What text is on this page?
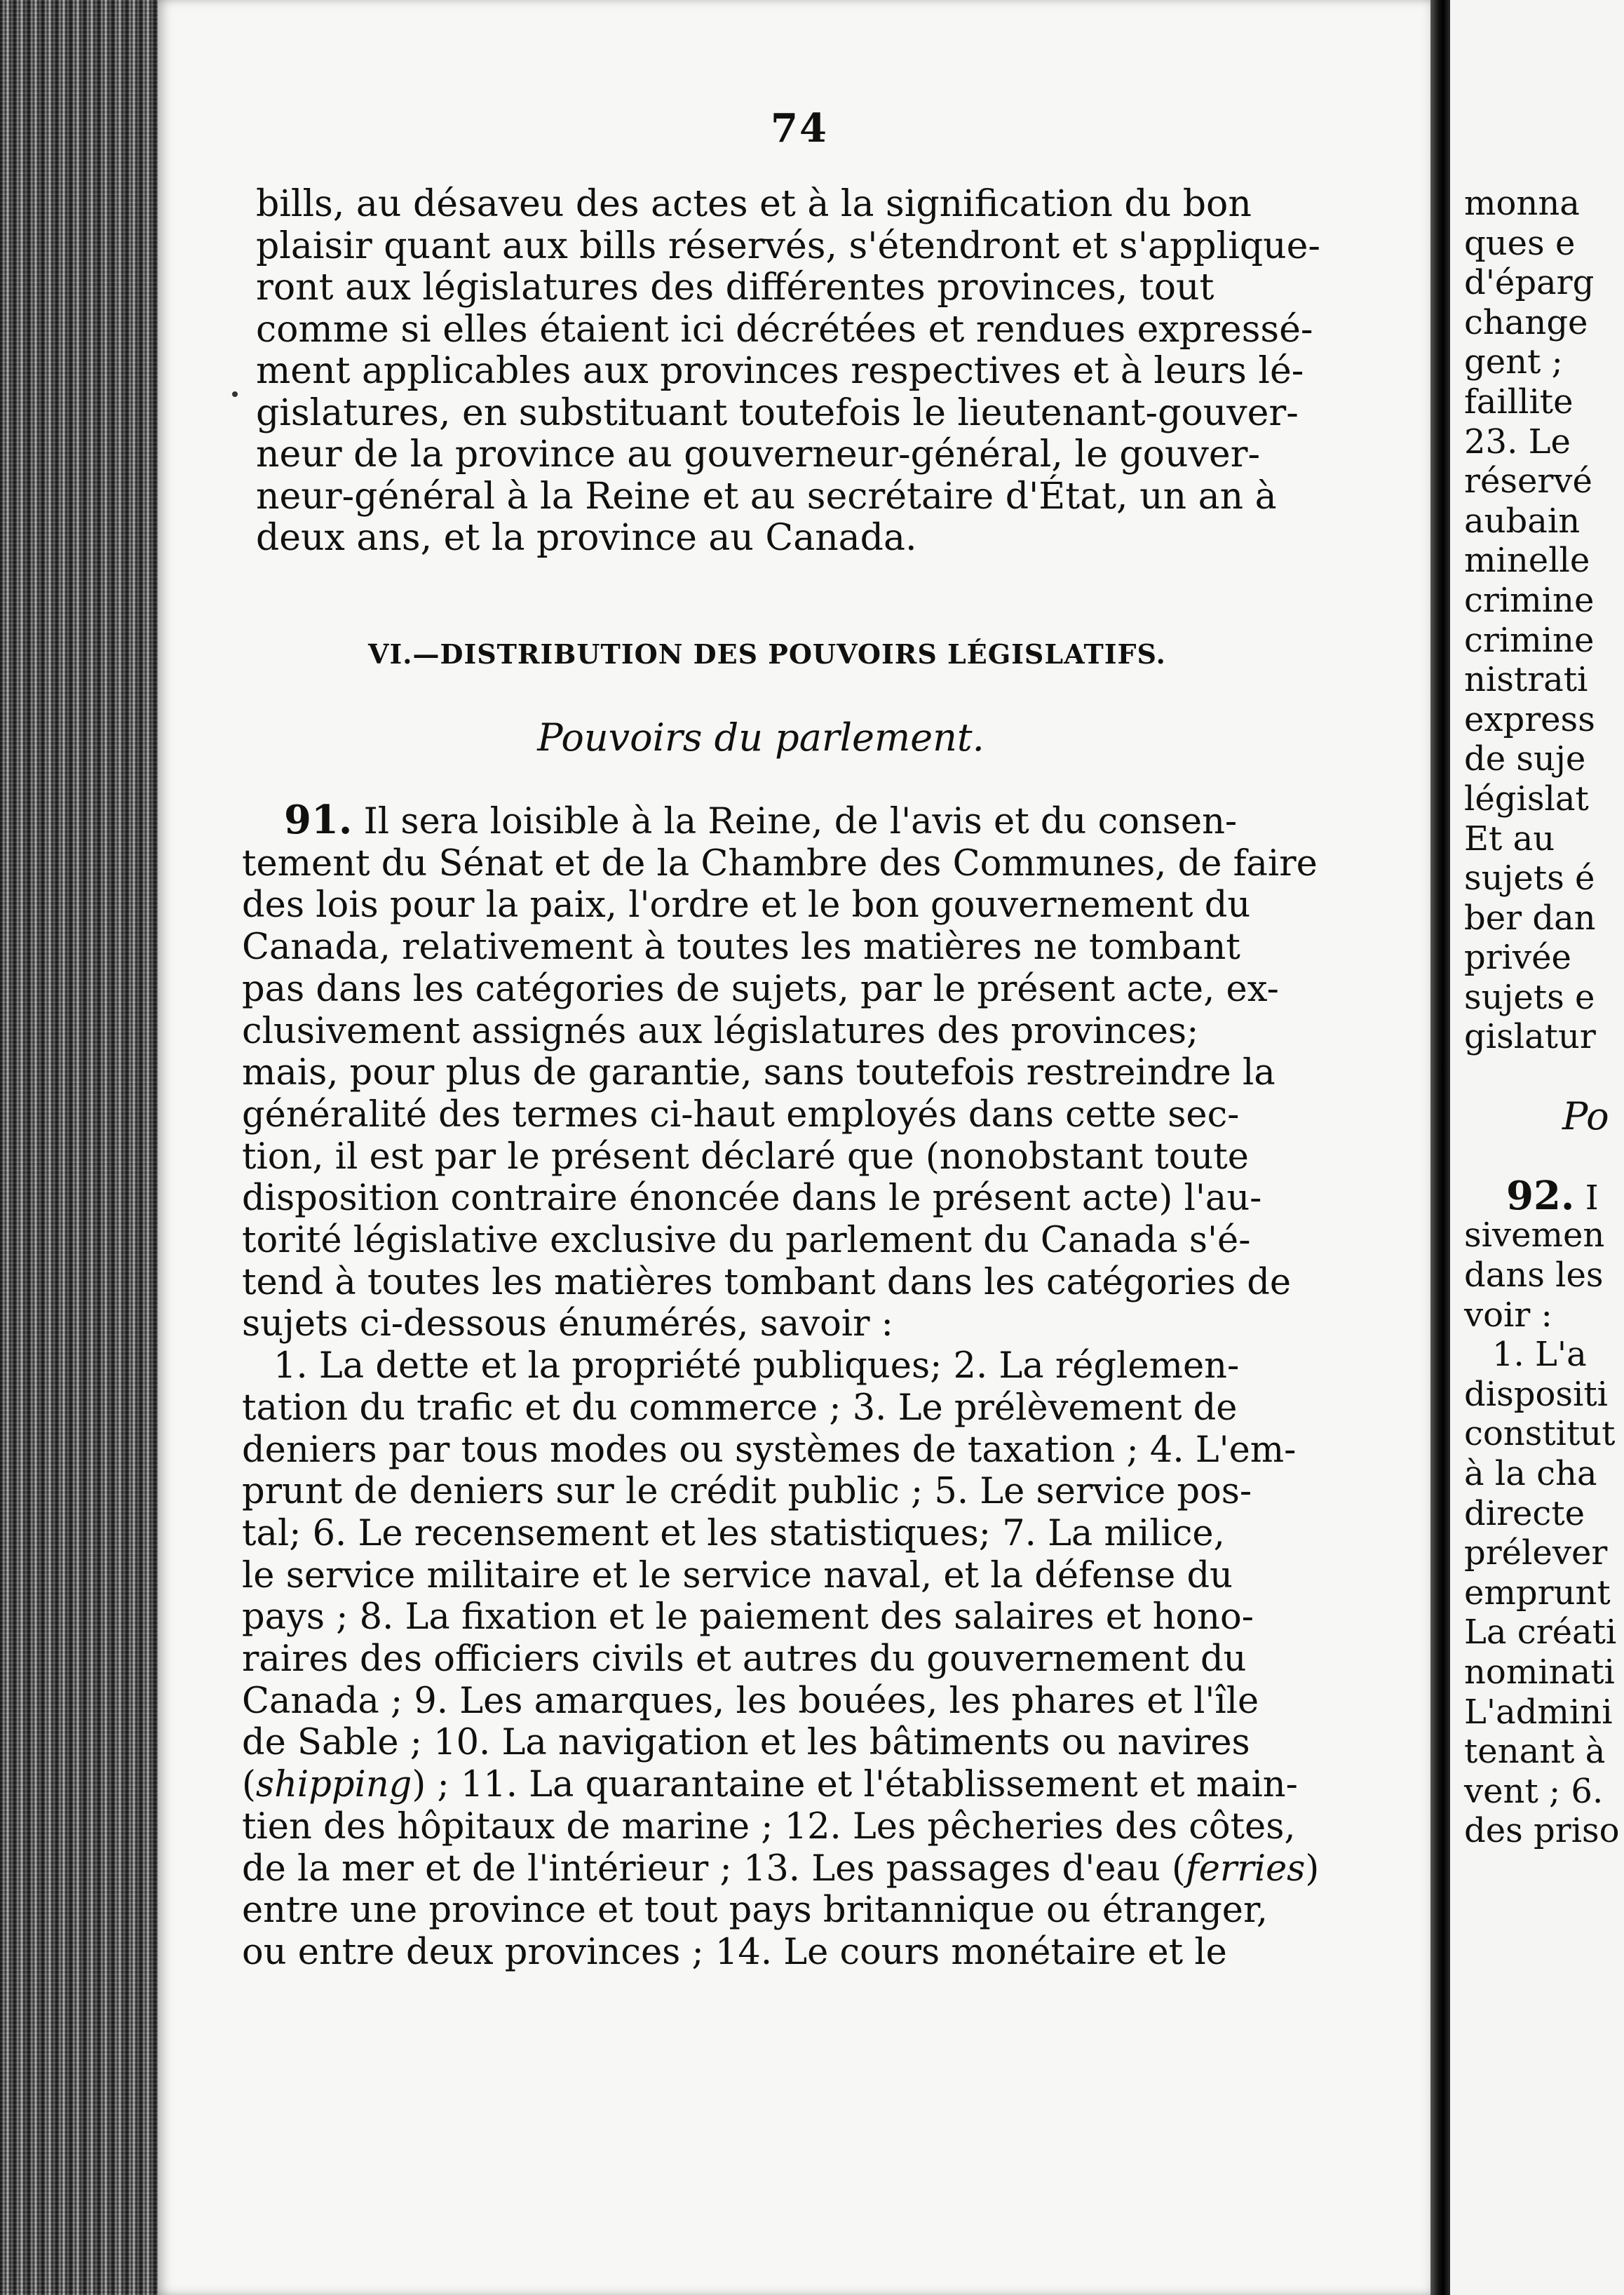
74

bills, au désaveu des actes et à la signification du bon

plaisir quant aux bills réservés, s'étendront et s'applique-

ront aux législatures des différentes provinces, tout

comme si elles étaient ici décrétées et rendues expressé-

ment applicables aux provinces respectives et à leurs lé-

gislatures, en substituant toutefois le lieutenant-gouver-

neur de la province au gouverneur-général, le gouver-

neur-général à la Reine et au secrétaire d'État, un an à

deux ans, et la province au Canada.

VI.—DISTRIBUTION DES POUVOIRS LÉGISLATIFS.
Pouvoirs du parlement.

91. Il sera loisible à la Reine, de l'avis et du consen-

tement du Sénat et de la Chambre des Communes, de faire

des lois pour la paix, l'ordre et le bon gouvernement du

Canada, relativement à toutes les matières ne tombant

pas dans les catégories de sujets, par le présent acte, ex-

clusivement assignés aux législatures des provinces;

mais, pour plus de garantie, sans toutefois restreindre la

généralité des termes ci-haut employés dans cette sec-

tion, il est par le présent déclaré que (nonobstant toute

disposition contraire énoncée dans le présent acte) l'au-

torité législative exclusive du parlement du Canada s'é-

tend à toutes les matières tombant dans les catégories de

sujets ci-dessous énumérés, savoir :

1. La dette et la propriété publiques; 2. La réglemen-

tation du trafic et du commerce ; 3. Le prélèvement de

deniers par tous modes ou systèmes de taxation ; 4. L'em-

prunt de deniers sur le crédit public ; 5. Le service pos-

tal; 6. Le recensement et les statistiques; 7. La milice,

le service militaire et le service naval, et la défense du

pays ; 8. La fixation et le paiement des salaires et hono-

raires des officiers civils et autres du gouvernement du

Canada ; 9. Les amarques, les bouées, les phares et l'île

de Sable ; 10. La navigation et les bâtiments ou navires

(shipping) ; 11. La quarantaine et l'établissement et main-

tien des hôpitaux de marine ; 12. Les pêcheries des côtes,

de la mer et de l'intérieur ; 13. Les passages d'eau (ferries)

entre une province et tout pays britannique ou étranger,

ou entre deux provinces ; 14. Le cours monétaire et le

monna
ques e
d'éparg
change
gent ;
faillite
23. Le
réservé
aubain
minelle
crimine
crimine
nistrati
express
de suje
législat
Et au
sujets é
ber dan
privée
sujets e
gislatur
Po
92. I
sivemen
dans les
voir :
1. L'a
dispositi
constitut
à la cha
directe
prélever
emprunt
La créati
nominati
L'admini
tenant à
vent ; 6.
des priso
